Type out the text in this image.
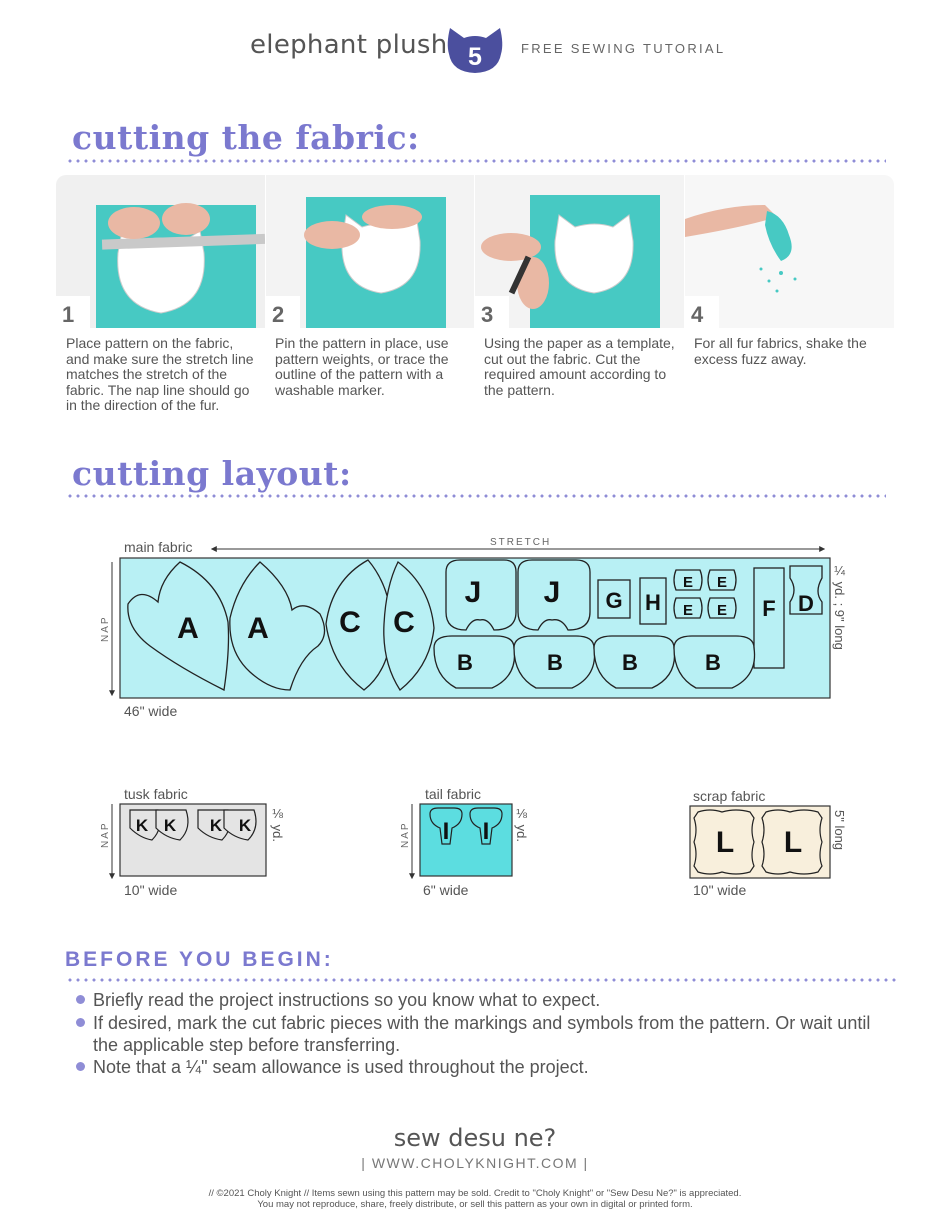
elephant plush 5	FREE SEWING TUTORIAL
cutting the fabric:
1	2	3	4
Place pattern on the fabric, and make sure the stretch line matches the stretch of the fabric. The nap line should go in the direction of the fur.
Pin the pattern in place, use pattern weights, or trace the outline of the pattern with a washable marker.
Using the paper as a template, cut out the fabric. Cut the required amount according to the pattern.
For all fur fabrics, shake the excess fuzz away.
cutting layout:
main fabric	STRETCH
¼ yd. ; 9" long
NAP
46" wide
A A C C
J J G H
E E
E E F D
B	B	B	B
tusk fabric
⅛ yd.
NAP
10" wide
K K K K
tail fabric
⅛ yd.
NAP
6" wide
I I
scrap fabric
5" long
10" wide
L L
BEFORE YOU BEGIN:
Briefly read the project instructions so you know what to expect.
If desired, mark the cut fabric pieces with the markings and symbols from the pattern. Or wait until the applicable step before transferring.
Note that a ¼" seam allowance is used throughout the project.
sew desu ne?
| WWW.CHOLYKNIGHT.COM |
// ©2021 Choly Knight // Items sewn using this pattern may be sold. Credit to "Choly Knight" or "Sew Desu Ne?" is appreciated.
You may not reproduce, share, freely distribute, or sell this pattern as your own in digital or printed form.
